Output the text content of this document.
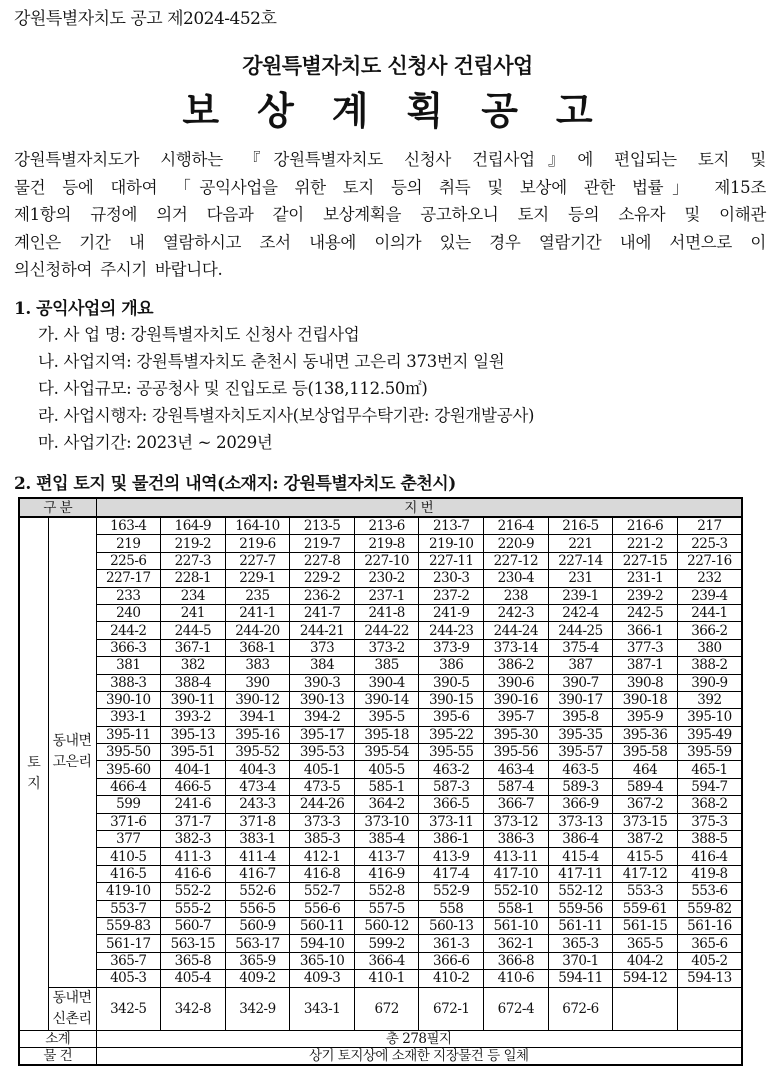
강원특별자치도 공고 제2024-452호
강원특별자치도 신청사 건립사업
보상계획공고
강원특별자치도가 시행하는 『강원특별자치도 신청사 건립사업』에 편입되는 토지 및
물건 등에 대하여 「공익사업을 위한 토지 등의 취득 및 보상에 관한 법률」 제15조
제1항의 규정에 의거 다음과 같이 보상계획을 공고하오니 토지 등의 소유자 및 이해관
계인은 기간 내 열람하시고 조서 내용에 이의가 있는 경우 열람기간 내에 서면으로 이
의신청하여 주시기 바랍니다.
1. 공익사업의 개요
가. 사 업 명: 강원특별자치도 신청사 건립사업
나. 사업지역: 강원특별자치도 춘천시 동내면 고은리 373번지 일원
다. 사업규모: 공공청사 및 진입도로 등(138,112.50㎡)
라. 사업시행자: 강원특별자치도지사(보상업무수탁기관: 강원개발공사)
마. 사업기간: 2023년 ~ 2029년
2. 편입 토지 및 물건의 내역(소재지: 강원특별자치도 춘천시)
구 분		지 번									
토
지	동내면
고은리	163-4	164-9	164-10	213-5	213-6	213-7	216-4	216-5	216-6	217
		219	219-2	219-6	219-7	219-8	219-10	220-9	221	221-2	225-3
		225-6	227-3	227-7	227-8	227-10	227-11	227-12	227-14	227-15	227-16
		227-17	228-1	229-1	229-2	230-2	230-3	230-4	231	231-1	232
		233	234	235	236-2	237-1	237-2	238	239-1	239-2	239-4
		240	241	241-1	241-7	241-8	241-9	242-3	242-4	242-5	244-1
		244-2	244-5	244-20	244-21	244-22	244-23	244-24	244-25	366-1	366-2
		366-3	367-1	368-1	373	373-2	373-9	373-14	375-4	377-3	380
		381	382	383	384	385	386	386-2	387	387-1	388-2
		388-3	388-4	390	390-3	390-4	390-5	390-6	390-7	390-8	390-9
		390-10	390-11	390-12	390-13	390-14	390-15	390-16	390-17	390-18	392
		393-1	393-2	394-1	394-2	395-5	395-6	395-7	395-8	395-9	395-10
		395-11	395-13	395-16	395-17	395-18	395-22	395-30	395-35	395-36	395-49
		395-50	395-51	395-52	395-53	395-54	395-55	395-56	395-57	395-58	395-59
		395-60	404-1	404-3	405-1	405-5	463-2	463-4	463-5	464	465-1
		466-4	466-5	473-4	473-5	585-1	587-3	587-4	589-3	589-4	594-7
		599	241-6	243-3	244-26	364-2	366-5	366-7	366-9	367-2	368-2
		371-6	371-7	371-8	373-3	373-10	373-11	373-12	373-13	373-15	375-3
		377	382-3	383-1	385-3	385-4	386-1	386-3	386-4	387-2	388-5
		410-5	411-3	411-4	412-1	413-7	413-9	413-11	415-4	415-5	416-4
		416-5	416-6	416-7	416-8	416-9	417-4	417-10	417-11	417-12	419-8
		419-10	552-2	552-6	552-7	552-8	552-9	552-10	552-12	553-3	553-6
		553-7	555-2	556-5	556-6	557-5	558	558-1	559-56	559-61	559-82
		559-83	560-7	560-9	560-11	560-12	560-13	561-10	561-11	561-15	561-16
		561-17	563-15	563-17	594-10	599-2	361-3	362-1	365-3	365-5	365-6
		365-7	365-8	365-9	365-10	366-4	366-6	366-8	370-1	404-2	405-2
		405-3	405-4	409-2	409-3	410-1	410-2	410-6	594-11	594-12	594-13
	동내면
신촌리	342-5	342-8	342-9	343-1	672	672-1	672-4	672-6		
소계		총 278필지									
물 건		상기 토지상에 소재한 지장물건 등 일체									
